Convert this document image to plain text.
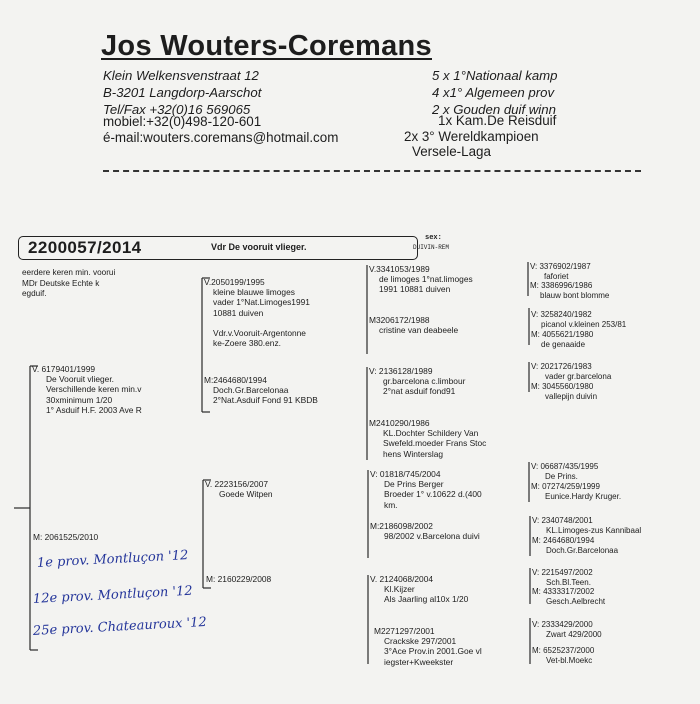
Jos Wouters-Coremans
Klein Welkensvenstraat 12
B-3201 Langdorp-Aarschot
Tel/Fax +32(0)16 569065
mobiel:+32(0)498-120-601
é-mail:wouters.coremans@hotmail.com
5 x 1°Nationaal kamp
4 x1° Algemeen prov
2 x Gouden duif winn
1x Kam.De Reisduif
2x 3° Wereldkampioen
Versele-Laga
sex:
DUIVIN-REM
2200057/2014	Vdr De vooruit vlieger.
eerdere keren min. voorui
MDr Deutske Echte k
egduif.
V. 6179401/1999
De Vooruit vlieger.
Verschillende keren min.v
30xminimum 1/20
1° Asduif H.F. 2003 Ave R
M: 2061525/2010
1e prov. Montluçon '12
12e prov. Montluçon '12
25e prov. Chateauroux '12
V.2050199/1995
kleine blauwe limoges
vader 1°Nat.Limoges1991
10881 duiven
Vdr.v.Vooruit-Argentonne
ke-Zoere 380.enz.
M:2464680/1994
Doch.Gr.Barcelonaa
2°Nat.Asduif Fond 91 KBDB
V. 2223156/2007
Goede Witpen
M: 2160229/2008
V.3341053/1989
de limoges 1°nat.limoges
1991 10881 duiven
M3206172/1988
cristine van deabeele
V: 2136128/1989
gr.barcelona c.limbour
2°nat asduif fond91
M2410290/1986
KL.Dochter Schildery Van
Swefeld.moeder Frans Stoc
hens Winterslag
V: 01818/745/2004
De Prins Berger
Broeder 1° v.10622 d.(400
km.
M:2186098/2002
98/2002 v.Barcelona duivi
V. 2124068/2004
Kl.Kijzer
Als Jaarling al10x 1/20
M2271297/2001
Crackske 297/2001
3°Ace Prov.in 2001.Goe vl
iegster+Kweekster
V: 3376902/1987
faforiet
M: 3386996/1986
blauw bont blomme
V: 3258240/1982
picanol v.kleinen 253/81
M: 4055621/1980
de genaaide
V: 2021726/1983
vader gr.barcelona
M: 3045560/1980
vallepijn duivin
V: 06687/435/1995
De Prins.
M: 07274/259/1999
Eunice.Hardy Kruger.
V: 2340748/2001
KL.Limoges-zus Kannibaal
M: 2464680/1994
Doch.Gr.Barcelonaa
V: 2215497/2002
Sch.Bl.Teen.
M: 4333317/2002
Gesch.Aelbrecht
V: 2333429/2000
Zwart 429/2000
M: 6525237/2000
Vet-bl.Moekc
